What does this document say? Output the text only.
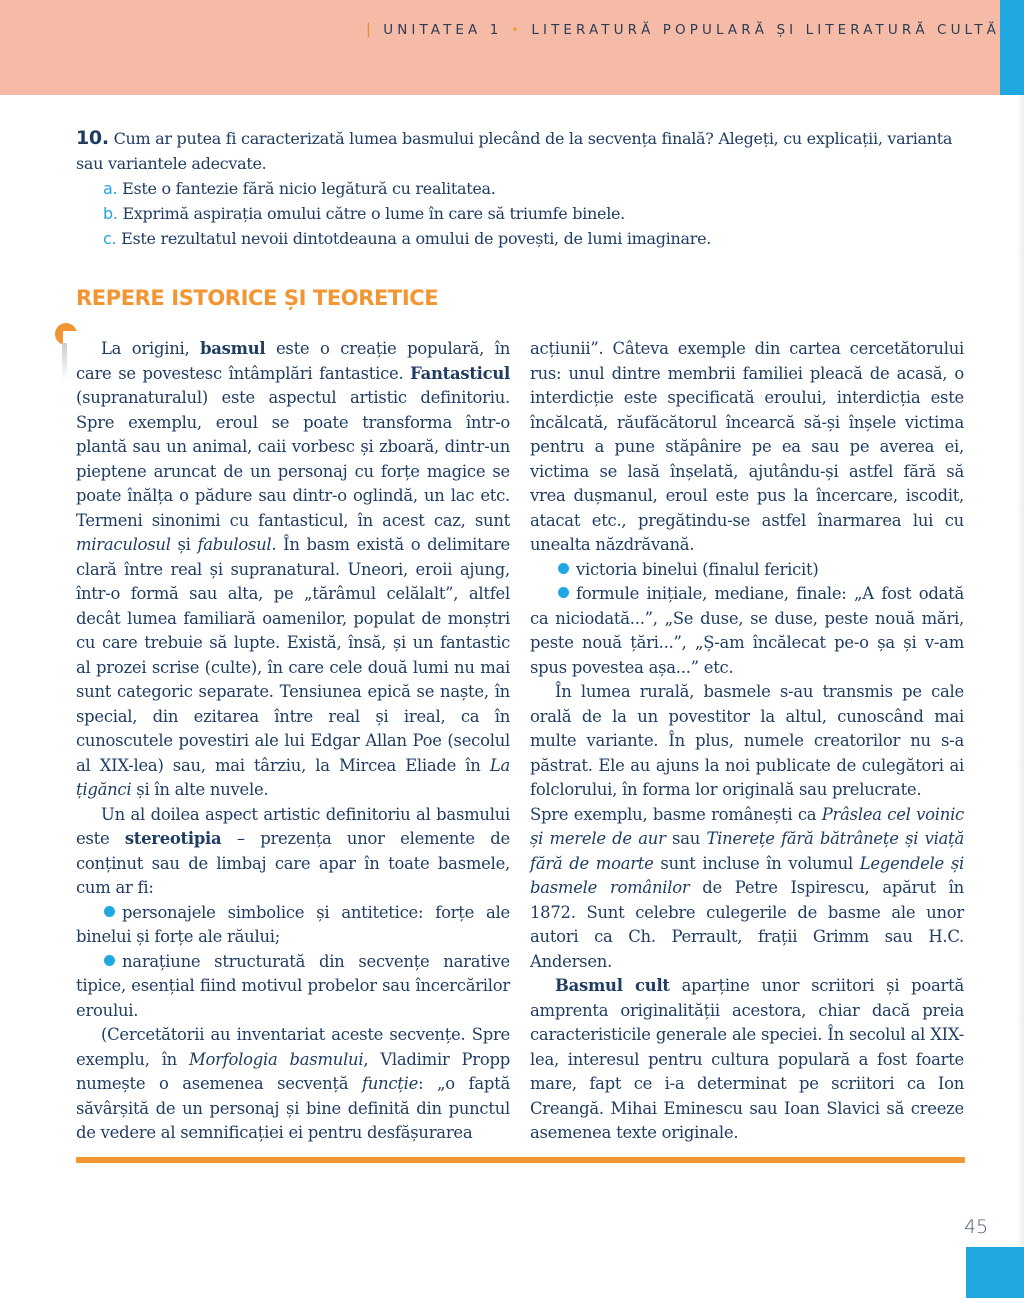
| UNITATEA 1 • LITERATURĂ POPULARĂ ȘI LITERATURĂ CULTĂ
10. Cum ar putea fi caracterizată lumea basmului plecând de la secvența finală? Alegeți, cu explicații, varianta sau variantele adecvate.
a. Este o fantezie fără nicio legătură cu realitatea.
b. Exprimă aspirația omului către o lume în care să triumfe binele.
c. Este rezultatul nevoii dintotdeauna a omului de povești, de lumi imaginare.
REPERE ISTORICE ȘI TEORETICE

La origini, basmul este o creație populară, în care se povestesc întâmplări fantastice. Fantasticul (supranaturalul) este aspectul artistic definitoriu. Spre exemplu, eroul se poate transforma într-o plantă sau un animal, caii vorbesc și zboară, dintr-un pieptene aruncat de un personaj cu forțe magice se poate înălța o pădure sau dintr-o oglindă, un lac etc. Termeni sinonimi cu fantasticul, în acest caz, sunt miraculosul și fabulosul. În basm există o delimitare clară între real și supranatural. Uneori, eroii ajung, într-o formă sau alta, pe „tărâmul celălalt”, altfel decât lumea familiară oamenilor, populat de monștri cu care trebuie să lupte. Există, însă, și un fantastic al prozei scrise (culte), în care cele două lumi nu mai sunt categoric separate. Tensiunea epică se naște, în special, din ezitarea între real și ireal, ca în cunoscutele povestiri ale lui Edgar Allan Poe (secolul al XIX-lea) sau, mai târziu, la Mircea Eliade în La țigănci și în alte nuvele.

Un al doilea aspect artistic definitoriu al basmului este stereotipia – prezența unor elemente de conținut sau de limbaj care apar în toate basmele, cum ar fi:

personajele simbolice și antitetice: forțe ale binelui și forțe ale răului;

narațiune structurată din secvențe narative tipice, esențial fiind motivul probelor sau încercărilor eroului.

(Cercetătorii au inventariat aceste secvențe. Spre exemplu, în Morfologia basmului, Vladimir Propp numește o asemenea secvență funcție: „o faptă săvârșită de un personaj și bine definită din punctul de vedere al semnificației ei pentru desfășurarea

acțiunii”. Câteva exemple din cartea cercetătorului rus: unul dintre membrii familiei pleacă de acasă, o interdicție este specificată eroului, interdicția este încălcată, răufăcătorul încearcă să-și înșele victima pentru a pune stăpânire pe ea sau pe averea ei, victima se lasă înșelată, ajutându-și astfel fără să vrea dușmanul, eroul este pus la încercare, iscodit, atacat etc., pregătindu-se astfel înarmarea lui cu unealta năzdrăvană.

victoria binelui (finalul fericit)

formule inițiale, mediane, finale: „A fost odată ca niciodată...”, „Se duse, se duse, peste nouă mări, peste nouă țări...”, „Ș-am încălecat pe-o șa și v-am spus povestea așa...” etc.

În lumea rurală, basmele s-au transmis pe cale orală de la un povestitor la altul, cunoscând mai multe variante. În plus, numele creatorilor nu s-a păstrat. Ele au ajuns la noi publicate de culegători ai folclorului, în forma lor originală sau prelucrate.

Spre exemplu, basme românești ca Prâslea cel voinic și merele de aur sau Tinerețe fără bătrânețe și viață fără de moarte sunt incluse în volumul Legendele și basmele românilor de Petre Ispirescu, apărut în 1872. Sunt celebre culegerile de basme ale unor autori ca Ch. Perrault, frații Grimm sau H.C. Andersen.

Basmul cult aparține unor scriitori și poartă amprenta originalității acestora, chiar dacă preia caracteristicile generale ale speciei. În secolul al XIX-lea, interesul pentru cultura populară a fost foarte mare, fapt ce i-a determinat pe scriitori ca Ion Creangă. Mihai Eminescu sau Ioan Slavici să creeze asemenea texte originale.

45
